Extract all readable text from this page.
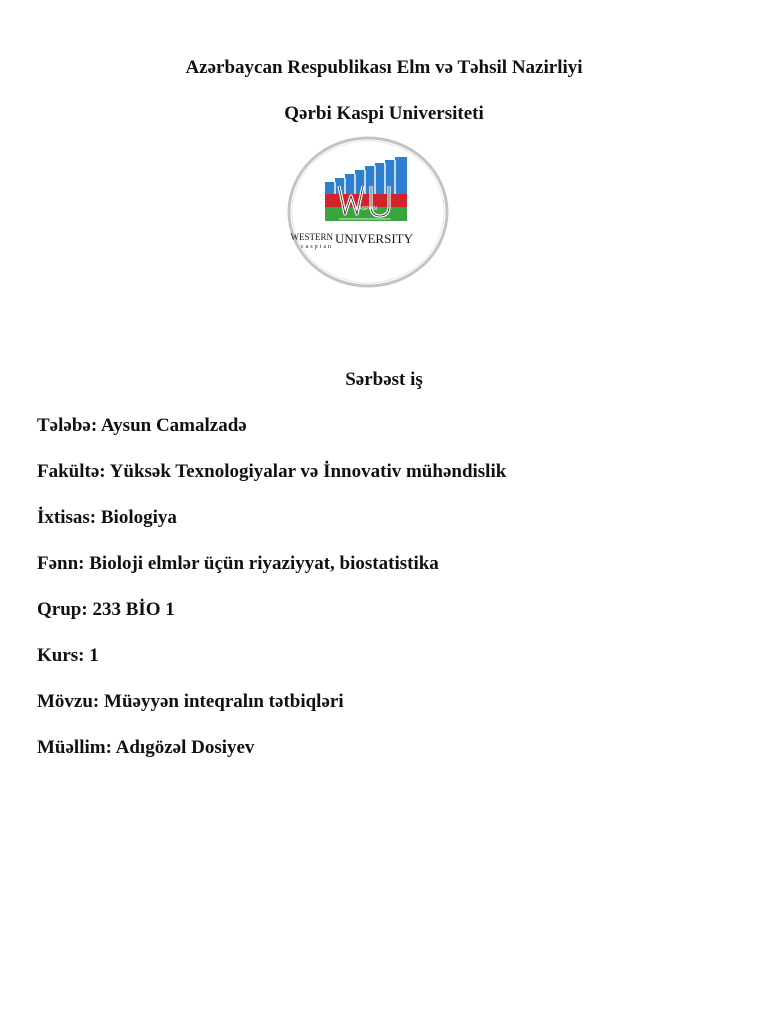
Azərbaycan Respublikası Elm və Təhsil Nazirliyi
Qərbi Kaspi Universiteti
CASPIAN
WESTERN
caspian
UNIVERSITY
Sərbəst iş
Tələbə: Aysun Camalzadə
Fakültə: Yüksək Texnologiyalar və İnnovativ mühəndislik
İxtisas: Biologiya
Fənn: Bioloji elmlər üçün riyaziyyat, biostatistika
Qrup: 233 BİO 1
Kurs: 1
Mövzu: Müəyyən inteqralın tətbiqləri
Müəllim: Adıgözəl Dosiyev
